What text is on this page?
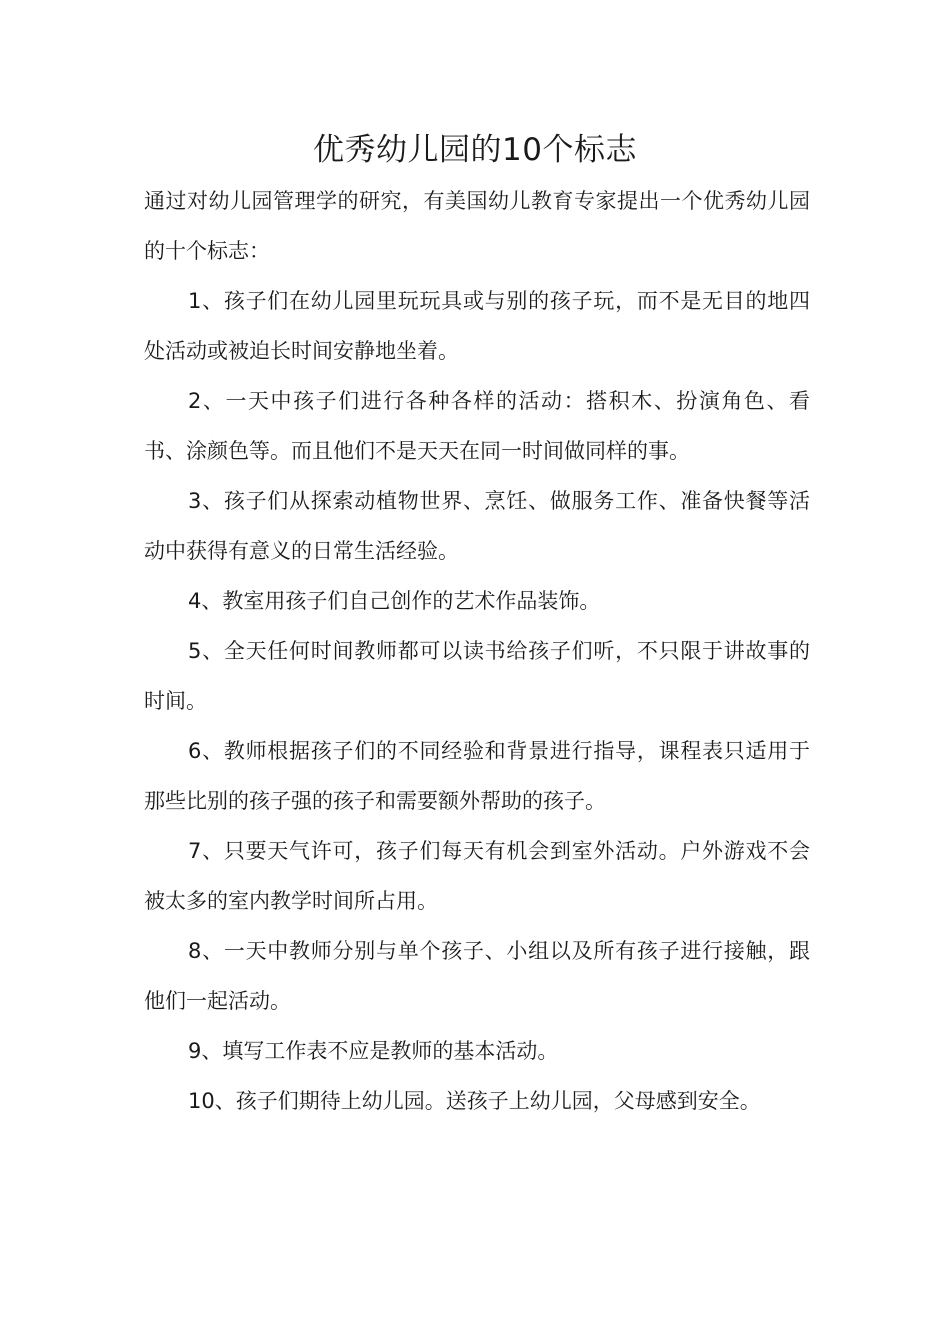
优秀幼儿园的10个标志

通过对幼儿园管理学的研究，有美国幼儿教育专家提出一个优秀幼儿园的十个标志：

1、孩子们在幼儿园里玩玩具或与别的孩子玩，而不是无目的地四处活动或被迫长时间安静地坐着。

2、一天中孩子们进行各种各样的活动：搭积木、扮演角色、看书、涂颜色等。而且他们不是天天在同一时间做同样的事。

3、孩子们从探索动植物世界、烹饪、做服务工作、准备快餐等活动中获得有意义的日常生活经验。

4、教室用孩子们自己创作的艺术作品装饰。

5、全天任何时间教师都可以读书给孩子们听，不只限于讲故事的时间。

6、教师根据孩子们的不同经验和背景进行指导，课程表只适用于那些比别的孩子强的孩子和需要额外帮助的孩子。

7、只要天气许可，孩子们每天有机会到室外活动。户外游戏不会被太多的室内教学时间所占用。

8、一天中教师分别与单个孩子、小组以及所有孩子进行接触，跟他们一起活动。

9、填写工作表不应是教师的基本活动。

10、孩子们期待上幼儿园。送孩子上幼儿园，父母感到安全。
